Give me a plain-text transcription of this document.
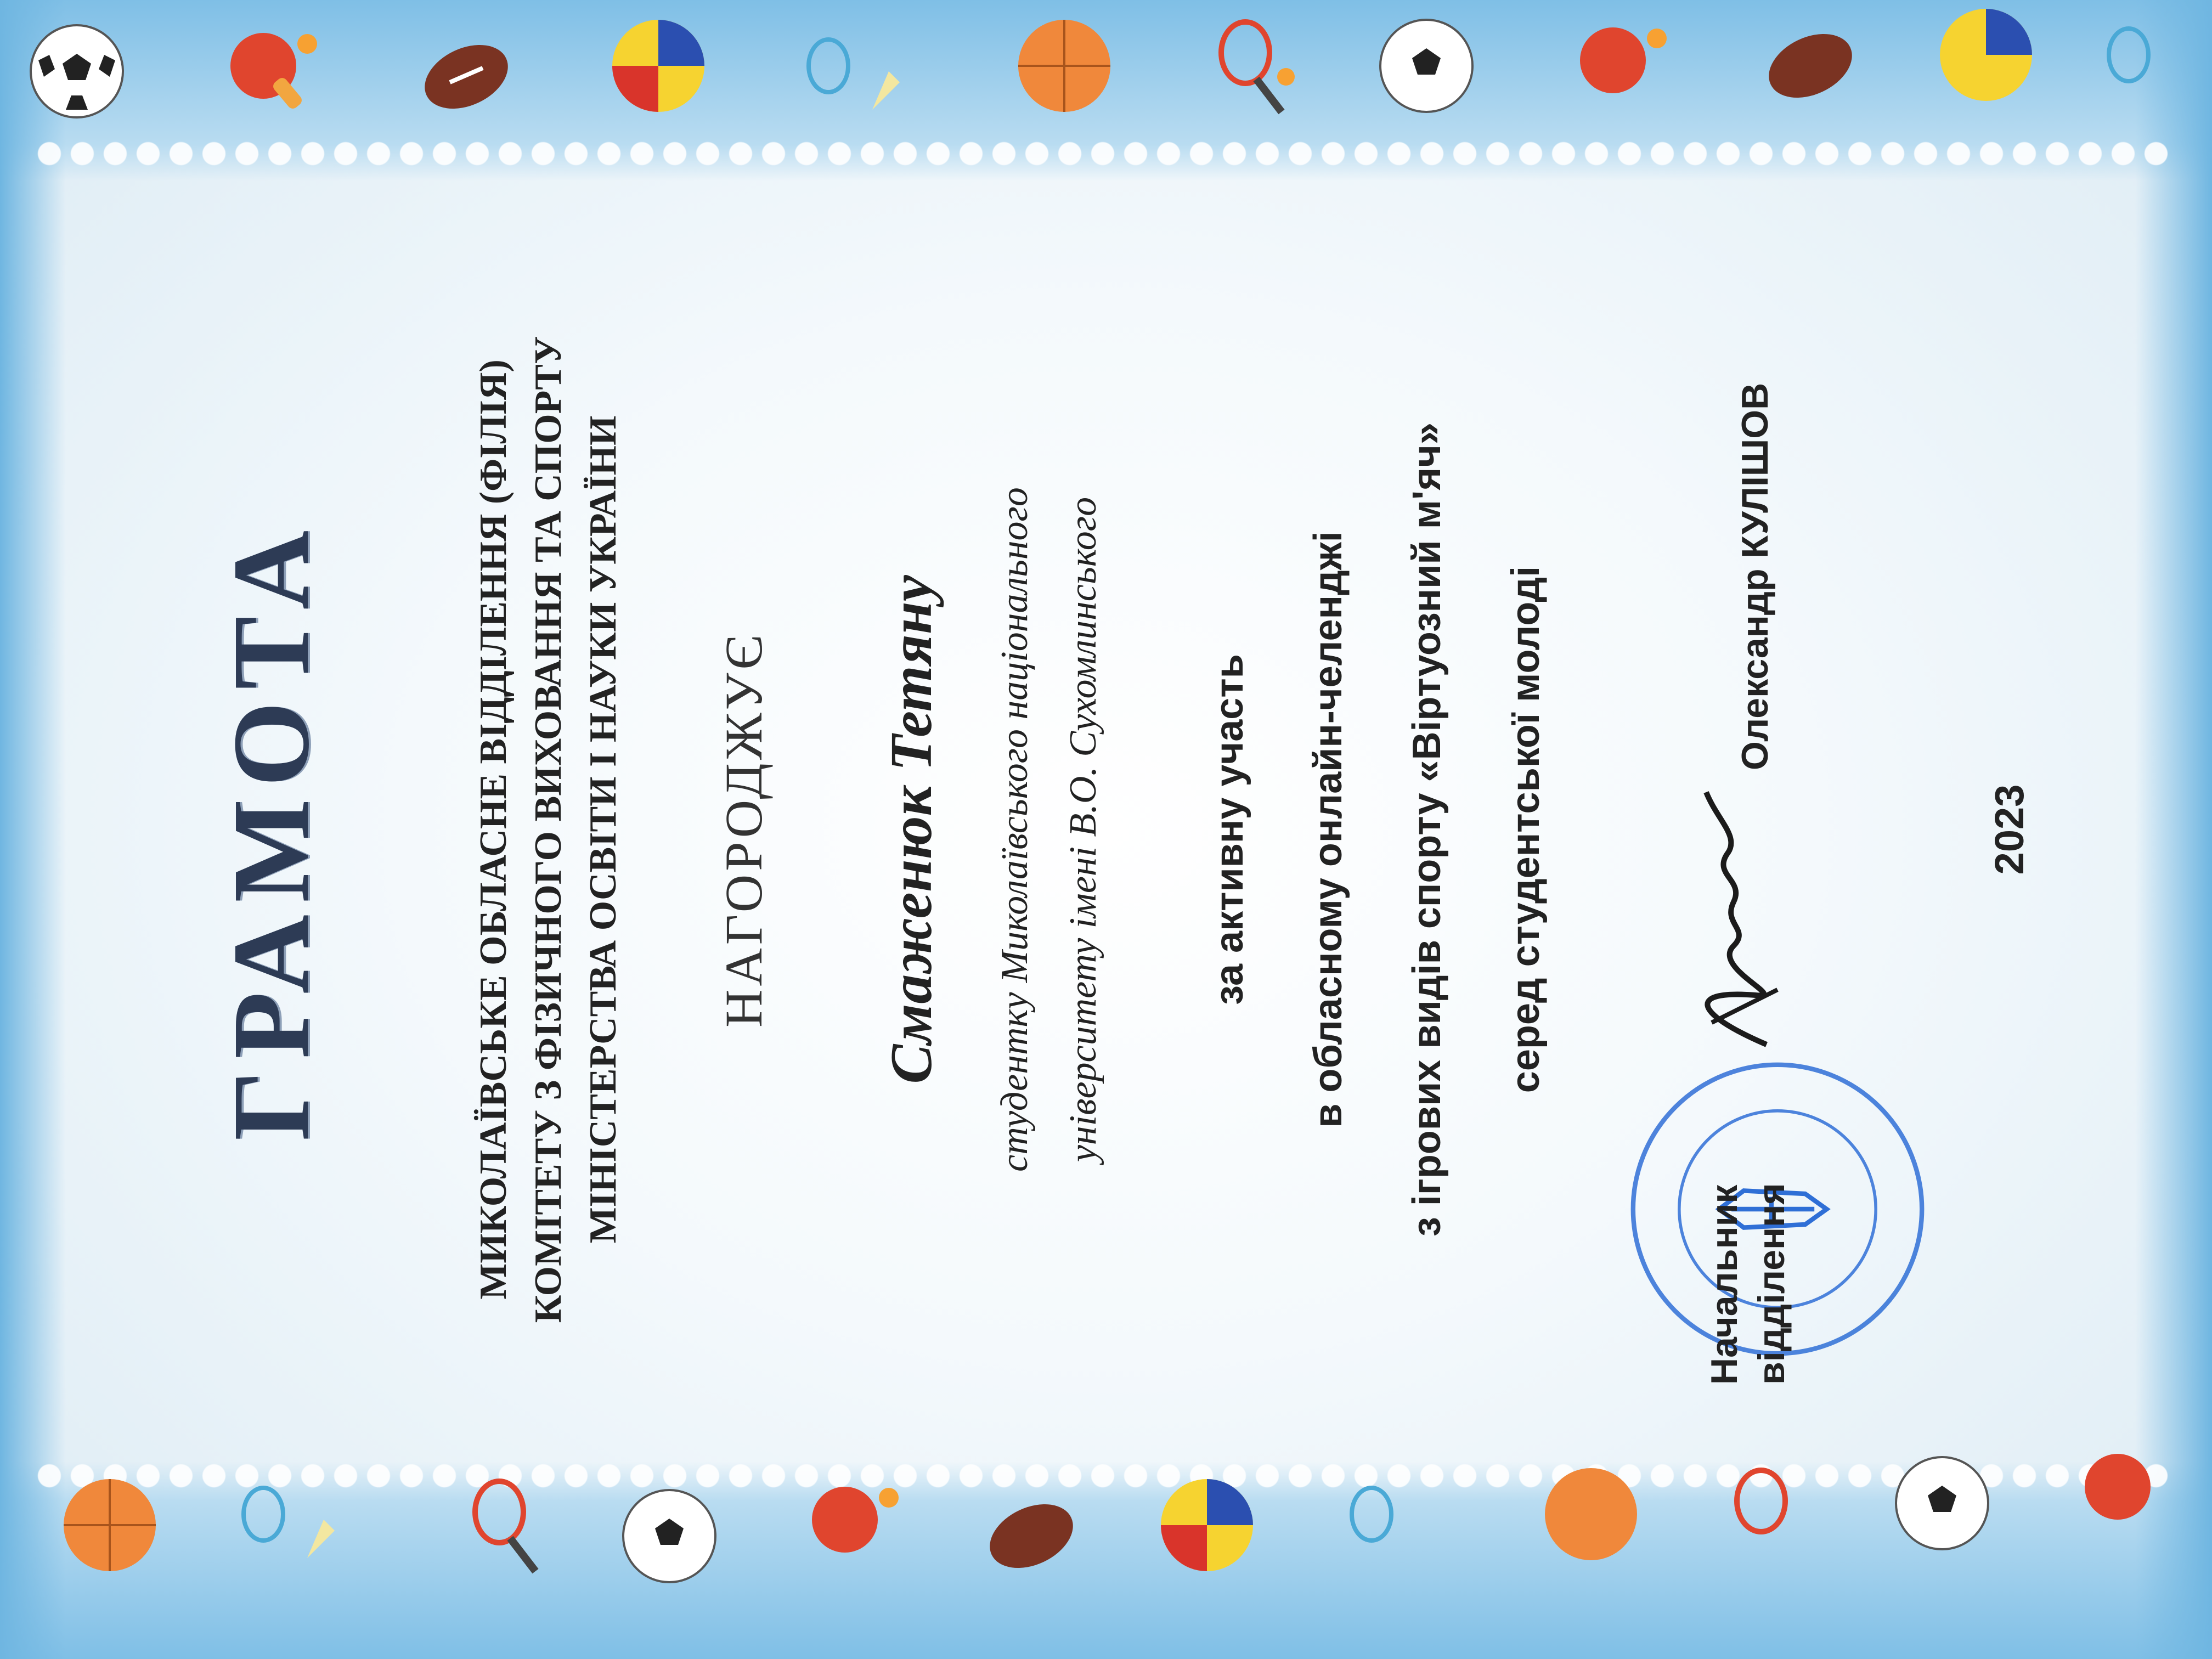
ГРАМОТА	МИКОЛАЇВСЬКЕ ОБЛАСНЕ ВІДДІЛЕННЯ (ФІЛІЯ) КОМІТЕТУ З ФІЗИЧНОГО ВИХОВАННЯ ТА СПОРТУ МІНІСТЕРСТВА ОСВІТИ І НАУКИ УКРАЇНИ НАГОРОДЖУЄ Смаженюк Тетяну студентку Миколаївського національного університету імені В.О. Сухомлинського	за активну участь в обласному онлайн-челенджі з ігрових видів спорту «Віртуозний м'яч» серед студентської молоді
Начальник відділення
Олександр КУЛІШОВ
2023
